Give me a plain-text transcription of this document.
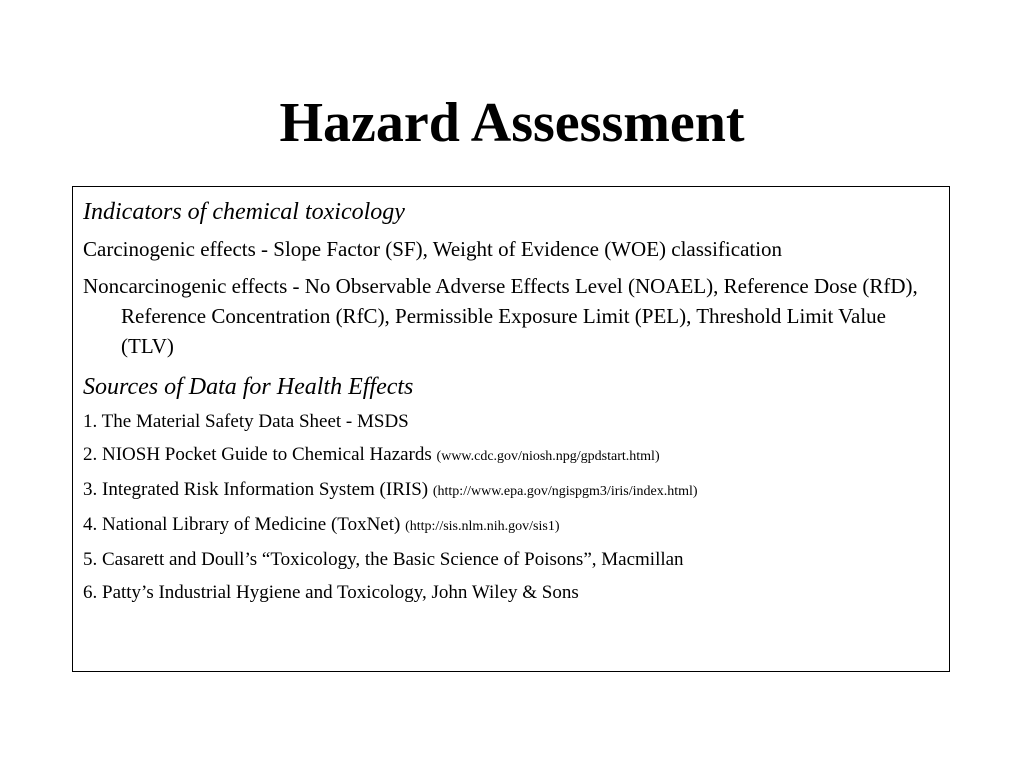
Hazard Assessment

Indicators of chemical toxicology

Carcinogenic effects - Slope Factor (SF), Weight of Evidence (WOE) classification

Noncarcinogenic effects - No Observable Adverse Effects Level (NOAEL), Reference Dose (RfD), Reference Concentration (RfC), Permissible Exposure Limit (PEL), Threshold Limit Value (TLV)

Sources of Data for Health Effects

1. The Material Safety Data Sheet - MSDS

2. NIOSH Pocket Guide to Chemical Hazards (www.cdc.gov/niosh.npg/gpdstart.html)

3. Integrated Risk Information System (IRIS) (http://www.epa.gov/ngispgm3/iris/index.html)

4. National Library of Medicine (ToxNet) (http://sis.nlm.nih.gov/sis1)

5. Casarett and Doull’s “Toxicology, the Basic Science of Poisons”, Macmillan

6. Patty’s Industrial Hygiene and Toxicology, John Wiley & Sons
